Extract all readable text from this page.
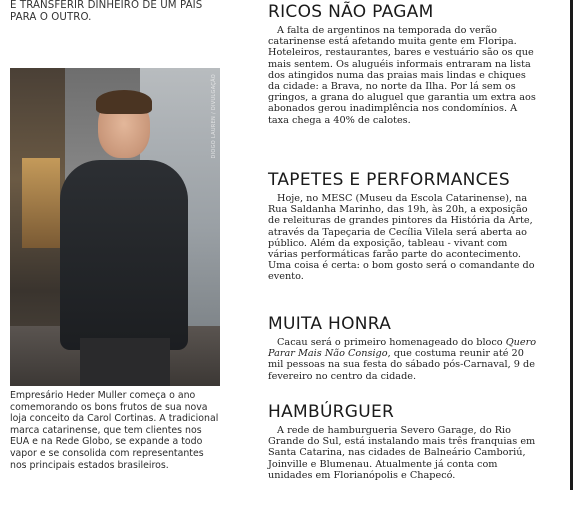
E TRANSFERIR DINHEIRO DE UM PAÍS PARA O OUTRO.
DIOGO LAUREN / DIVULGAÇÃO
Empresário Heder Muller começa o ano comemorando os bons frutos de sua nova loja conceito da Carol Cortinas. A tradicional marca catarinense, que tem clientes nos EUA e na Rede Globo, se expande a todo vapor e se consolida com representantes nos principais estados brasileiros.
RICOS NÃO PAGAM

A falta de argentinos na temporada do verão catarinense está afetando muita gente em Floripa. Hoteleiros, restaurantes, bares e vestuário são os que mais sentem. Os aluguéis informais entraram na lista dos atingidos numa das praias mais lindas e chiques da cidade: a Brava, no norte da Ilha. Por lá sem os gringos, a grana do aluguel que garantia um extra aos abonados gerou inadimplência nos condomínios. A taxa chega a 40% de calotes.

TAPETES E PERFORMANCES

Hoje, no MESC (Museu da Escola Catarinense), na Rua Saldanha Marinho, das 19h, às 20h, a exposição de releituras de grandes pintores da História da Arte, através da Tapeçaria de Cecília Vilela será aberta ao público. Além da exposição, tableau - vivant com várias performáticas farão parte do acontecimento. Uma coisa é certa: o bom gosto será o comandante do evento.

MUITA HONRA

Cacau será o primeiro homenageado do bloco Quero Parar Mais Não Consigo, que costuma reunir até 20 mil pessoas na sua festa do sábado pós-Carnaval, 9 de fevereiro no centro da cidade.

HAMBÚRGUER

A rede de hamburgueria Severo Garage, do Rio Grande do Sul, está instalando mais três franquias em Santa Catarina, nas cidades de Balneário Camboriú, Joinville e Blumenau. Atualmente já conta com unidades em Florianópolis e Chapecó.
